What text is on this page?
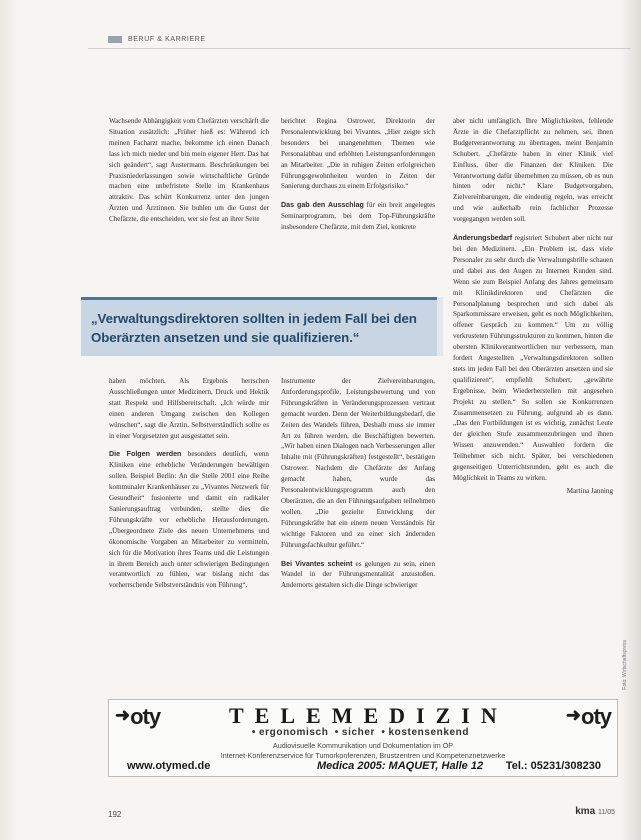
BERUF & KARRIERE

Wachsende Abhängigkeit vom Chefärzten verschärft die Situation zusätzlich: „Früher hieß es: Während ich meinen Facharzt mache, bekomme ich einen Danach lass ich mich nieder und bin mein eigener Herr. Das hat sich geändert“, sagt Austermann. Beschränkungen bei Praxisniederlassungen sowie wirtschaftliche Gründe machen eine unbefristete Stelle im Krankenhaus attraktiv. Das schürt Konkurrenz unter den jungen Ärzten und Ärztinnen. Sie buhlen um die Gunst der Chefärzte, die entscheiden, wer sie fest an ihrer Seite

berichtet Regina Ostrower, Direktorin der Personalentwicklung bei Vivantes. „Hier zeigte sich besonders bei unangenehmen Themen wie Personalabbau und erhöhten Leistungsanforderungen an Mitarbeiter. „Die in ruhigen Zeiten erfolgreichen Führungsgewohnheiten wurden in Zeiten der Sanierung durchaus zu einem Erfolgsrisiko.“

Das gab den Ausschlag für ein breit angelegtes Seminarprogramm, bei dem Top-Führungskräfte insbesondere Chefärzte, mit dem Ziel, konkrete

aber nicht umfänglich. Ihre Möglichkeiten, fehlende Ärzte in die Chefarztpflicht zu nehmen, sei, ihnen Budgetverantwortung zu übertragen, meint Benjamin Schubert. „Chefärzte haben in einer Klinik viel Einfluss, über die Finanzen der Kliniken. Die Verantwortung dafür übernehmen zu müssen, ob es nun hinten oder nicht.“ Klare Budgetvorgaben, Zielvereinbarungen, die eindeutig regeln, was erreicht und wie außerhalb rein fachlicher Prozesse vorgegangen werden soll.

Änderungsbedarf registriert Schubert aber nicht nur bei den Medizinern. „Ein Problem ist, dass viele Personaler zu sehr durch die Verwaltungsbrille schauen und dabei aus den Augen zu Internen Kunden sind. Wenn sie zum Beispiel Anfang des Jahres gemeinsam mit Klinikdirektoren und Chefärzten die Personalplanung besprechen und sich dabei als Sparkommissare erweisen, geht es noch Möglichkeiten, offener Gespräch zu kommen.“ Um zu völlig verkrusteten Führungsstrukturen zu kommen, hinten die obersten Klinikverantwortlichen nur verbessern, man fordert Angestellten „Verwaltungsdirektoren sollten stets im jeden Fall bei den Oberärzten ansetzen und sie qualifizieren“, empfiehlt Schubert, „gewährte Ergebnisse, beim Wiederherstellen mit angesehen Projekt zu stellen.“ So sollen sie Konkurrenzen Zusammensetzen zu Führung, aufgrund ab es dann. „Das den Fortbildungen ist es wichtig, zunächst Leute der gleichen Stufe zusammenzubringen und ihnen Wissen anzuwenden.“ Auswahlen fordern die Teilnehmer sich nicht. Später, bei verschiedenen gegenseitigen Unterrichtsrunden, geht es auch die Möglichkeit in Teams zu wirken.

Martina Janning
„Verwaltungsdirektoren sollten in jedem Fall bei den Oberärzten ansetzen und sie qualifizieren.“

haben möchten. Als Ergebnis herrschen Ausschließungen unter Medizinern, Druck und Hektik statt Respekt und Hilfsbereitschaft. „Ich würde mir einen anderen Umgang zwischen den Kollegen wünschen“, sagt die Ärztin. Selbstverständlich sollte es in einer Vorgesetzten gut ausgestattet sein.

Die Folgen werden besonders deutlich, wenn Kliniken eine erhebliche Veränderungen bewältigen sollen. Beispiel Berlin: An die Stelle 2001 eine Reihe kommunaler Krankenhäuser zu „Vivantes Netzwerk für Gesundheit“ fusionierte und damit ein radikaler Sanierungsauftrag verbunden, stellte dies die Führungskräfte vor erhebliche Herausforderungen. „Übergeordnete Ziele des neuen Unternehmens und ökonomische Vorgaben an Mitarbeiter zu vermitteln, sich für die Motivation ihres Teams und die Leistungen in ihrem Bereich auch unter schwierigen Bedingungen verantwortlich zu fühlen, war bislang nicht das vorherrschende Selbstverständnis von Führung“,

Instrumente der Zielvereinbarungen, Anforderungsprofile, Leistungsbewertung und von Führungskräften in Veränderungsprozessen vertraut gemacht wurden. Denn der Weiterbildungsbedarf, die Zeiten des Wandels führen, Deshalb muss sie immer Art zu führen werden, die Beschäftigten bewerten. „Wir haben einen Dialogen nach Verbesserungen aller Inhalte mit (Führungskräften) festgestellt“, bestätigen Ostrower. Nachdem die Chefärzte der Anfang gemacht haben, wurde das Personalentwicklungsprogramm auch den Oberärzten, die an den Führungsaufgaben teilnehmen wollen. „Die gezielte Entwicklung der Führungskräfte hat ein einem neuen Verständnis für wichtige Faktoren und zu einer sich ändernden Führungsfachkultur geführt.“

Bei Vivantes scheint es gelungen zu sein, einen Wandel in der Führungsmentalität anzustoßen. Andernorts gestalten sich die Dinge schwieriger

Foto: Wirtschaftspress
➜oty	TELEMEDIZIN	➜oty
• ergonomisch • sicher • kostensenkend
Audiovisuelle Kommunikation und Dokumentation im OP
Internet-Konferenzservice für Tumorkonferenzen, Brustzentren und Kompetenznetzwerke
www.otymed.de	Medica 2005: MAQUET, Halle 12 Tel.: 05231/308230
192	kma 11/05
